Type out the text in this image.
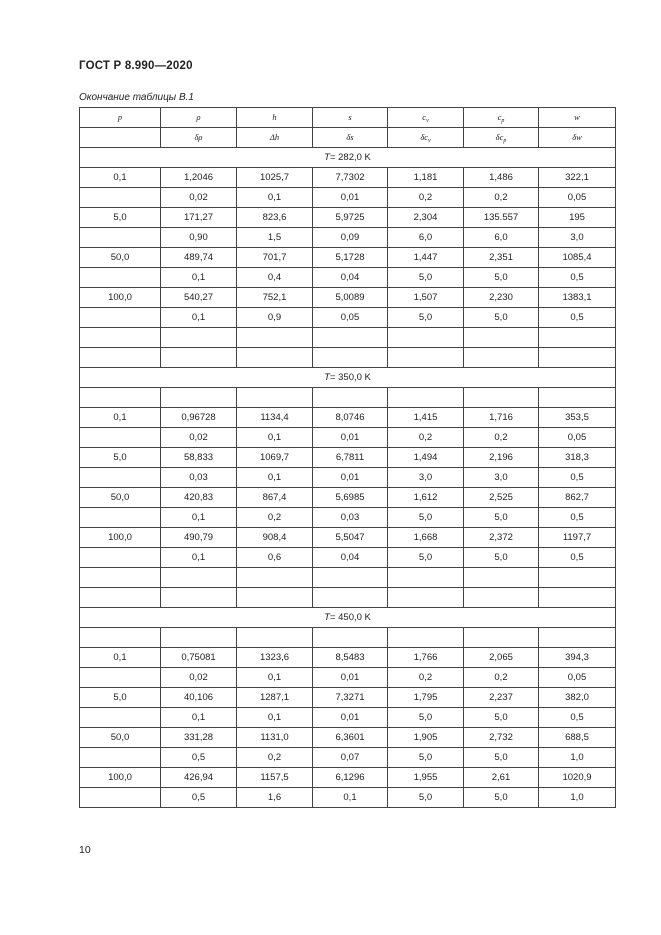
ГОСТ Р 8.990—2020
Окончание таблицы В.1
p	ρ	h	s	$c_v$	$c_p$	w
	δρ	Δh	δs	$\delta c_v$	$\delta c_p$	δw
T= 282,0 K						
0,1	1,2046	1025,7	7,7302	1,181	1,486	322,1
	0,02	0,1	0,01	0,2	0,2	0,05
5,0	171,27	823,6	5,9725	2,304	135.557	195
	0,90	1,5	0,09	6,0	6,0	3,0
50,0	489,74	701,7	5,1728	1,447	2,351	1085,4
	0,1	0,4	0,04	5,0	5,0	0,5
100,0	540,27	752,1	5,0089	1,507	2,230	1383,1
	0,1	0,9	0,05	5,0	5,0	0,5

T= 350,0 K						

0,1	0,96728	1134,4	8,0746	1,415	1,716	353,5
	0,02	0,1	0,01	0,2	0,2	0,05
5,0	58,833	1069,7	6,7811	1,494	2,196	318,3
	0,03	0,1	0,01	3,0	3,0	0,5
50,0	420,83	867,4	5,6985	1,612	2,525	862,7
	0,1	0,2	0,03	5,0	5,0	0,5
100,0	490,79	908,4	5,5047	1,668	2,372	1197,7
	0,1	0,6	0,04	5,0	5,0	0,5

T= 450,0 K						

0,1	0,75081	1323,6	8,5483	1,766	2,065	394,3
	0,02	0,1	0,01	0,2	0,2	0,05
5,0	40,106	1287,1	7,3271	1,795	2,237	382,0
	0,1	0,1	0,01	5,0	5,0	0,5
50,0	331,28	1131,0	6,3601	1,905	2,732	688,5
	0,5	0,2	0,07	5,0	5,0	1,0
100,0	426,94	1157,5	6,1296	1,955	2,61	1020,9
	0,5	1,6	0,1	5,0	5,0	1,0
10
